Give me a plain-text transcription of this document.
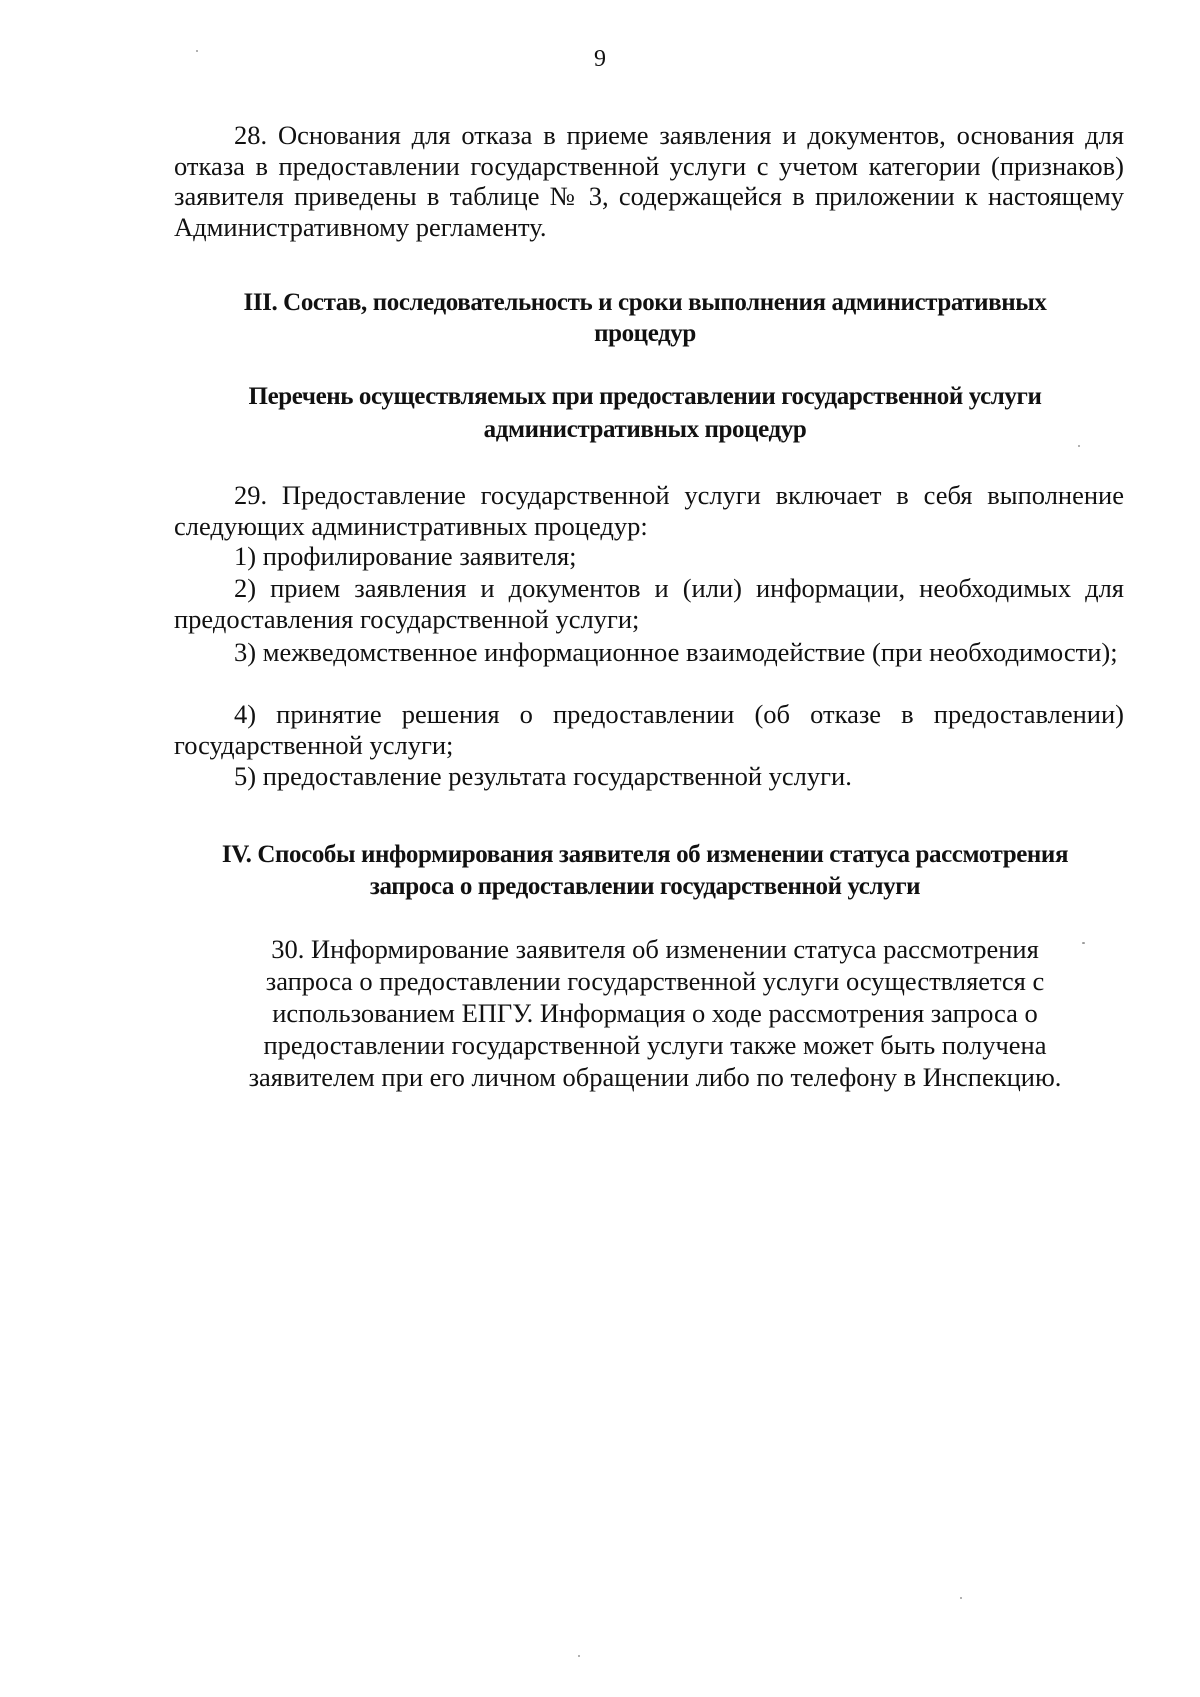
9

28. Основания для отказа в приеме заявления и документов, основания для отказа в предоставлении государственной услуги с учетом категории (признаков) заявителя приведены в таблице № 3, содержащейся в приложении к настоящему Административному регламенту.

III. Состав, последовательность и сроки выполнения административных

процедур

Перечень осуществляемых при предоставлении государственной услуги

административных процедур

29. Предоставление государственной услуги включает в себя выполнение следующих административных процедур:

1) профилирование заявителя;

2) прием заявления и документов и (или) информации, необходимых для предоставления государственной услуги;

3) межведомственное информационное взаимодействие (при необходимости);

4) принятие решения о предоставлении (об отказе в предоставлении) государственной услуги;

5) предоставление результата государственной услуги.

IV. Способы информирования заявителя об изменении статуса рассмотрения

запроса о предоставлении государственной услуги

30. Информирование заявителя об изменении статуса рассмотрения

запроса о предоставлении государственной услуги осуществляется с

использованием ЕПГУ. Информация о ходе рассмотрения запроса о

предоставлении государственной услуги также может быть получена

заявителем при его личном обращении либо по телефону в Инспекцию.
